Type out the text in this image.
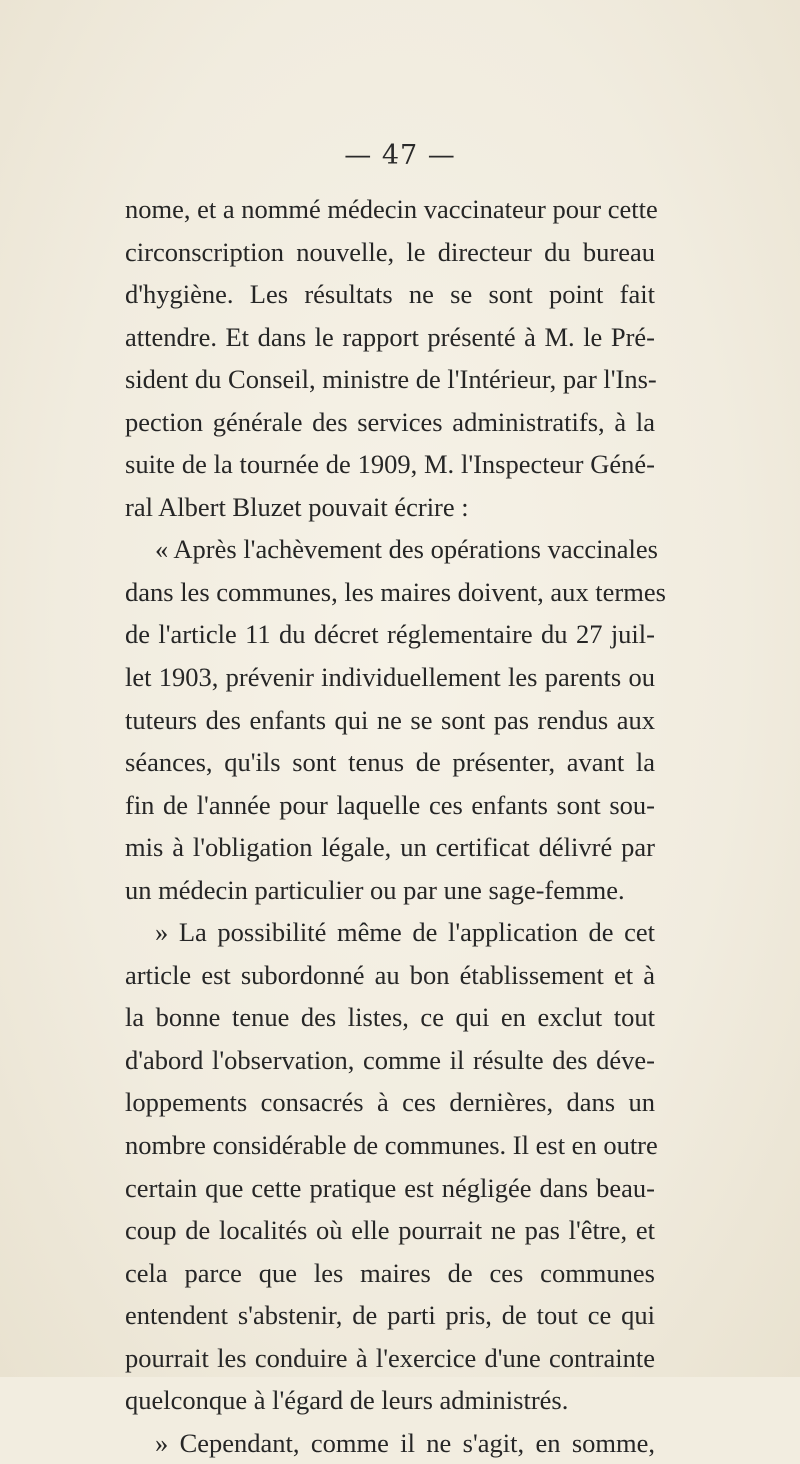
— 47 —
nome, et a nommé médecin vaccinateur pour cette
circonscription nouvelle, le directeur du bureau
d'hygiène. Les résultats ne se sont point fait
attendre. Et dans le rapport présenté à M. le Pré-
sident du Conseil, ministre de l'Intérieur, par l'Ins-
pection générale des services administratifs, à la
suite de la tournée de 1909, M. l'Inspecteur Géné-
ral Albert Bluzet pouvait écrire :
« Après l'achèvement des opérations vaccinales
dans les communes, les maires doivent, aux termes
de l'article 11 du décret réglementaire du 27 juil-
let 1903, prévenir individuellement les parents ou
tuteurs des enfants qui ne se sont pas rendus aux
séances, qu'ils sont tenus de présenter, avant la
fin de l'année pour laquelle ces enfants sont sou-
mis à l'obligation légale, un certificat délivré par
un médecin particulier ou par une sage-femme.
» La possibilité même de l'application de cet
article est subordonné au bon établissement et à
la bonne tenue des listes, ce qui en exclut tout
d'abord l'observation, comme il résulte des déve-
loppements consacrés à ces dernières, dans un
nombre considérable de communes. Il est en outre
certain que cette pratique est négligée dans beau-
coup de localités où elle pourrait ne pas l'être, et
cela parce que les maires de ces communes
entendent s'abstenir, de parti pris, de tout ce qui
pourrait les conduire à l'exercice d'une contrainte
quelconque à l'égard de leurs administrés.
» Cependant, comme il ne s'agit, en somme,
